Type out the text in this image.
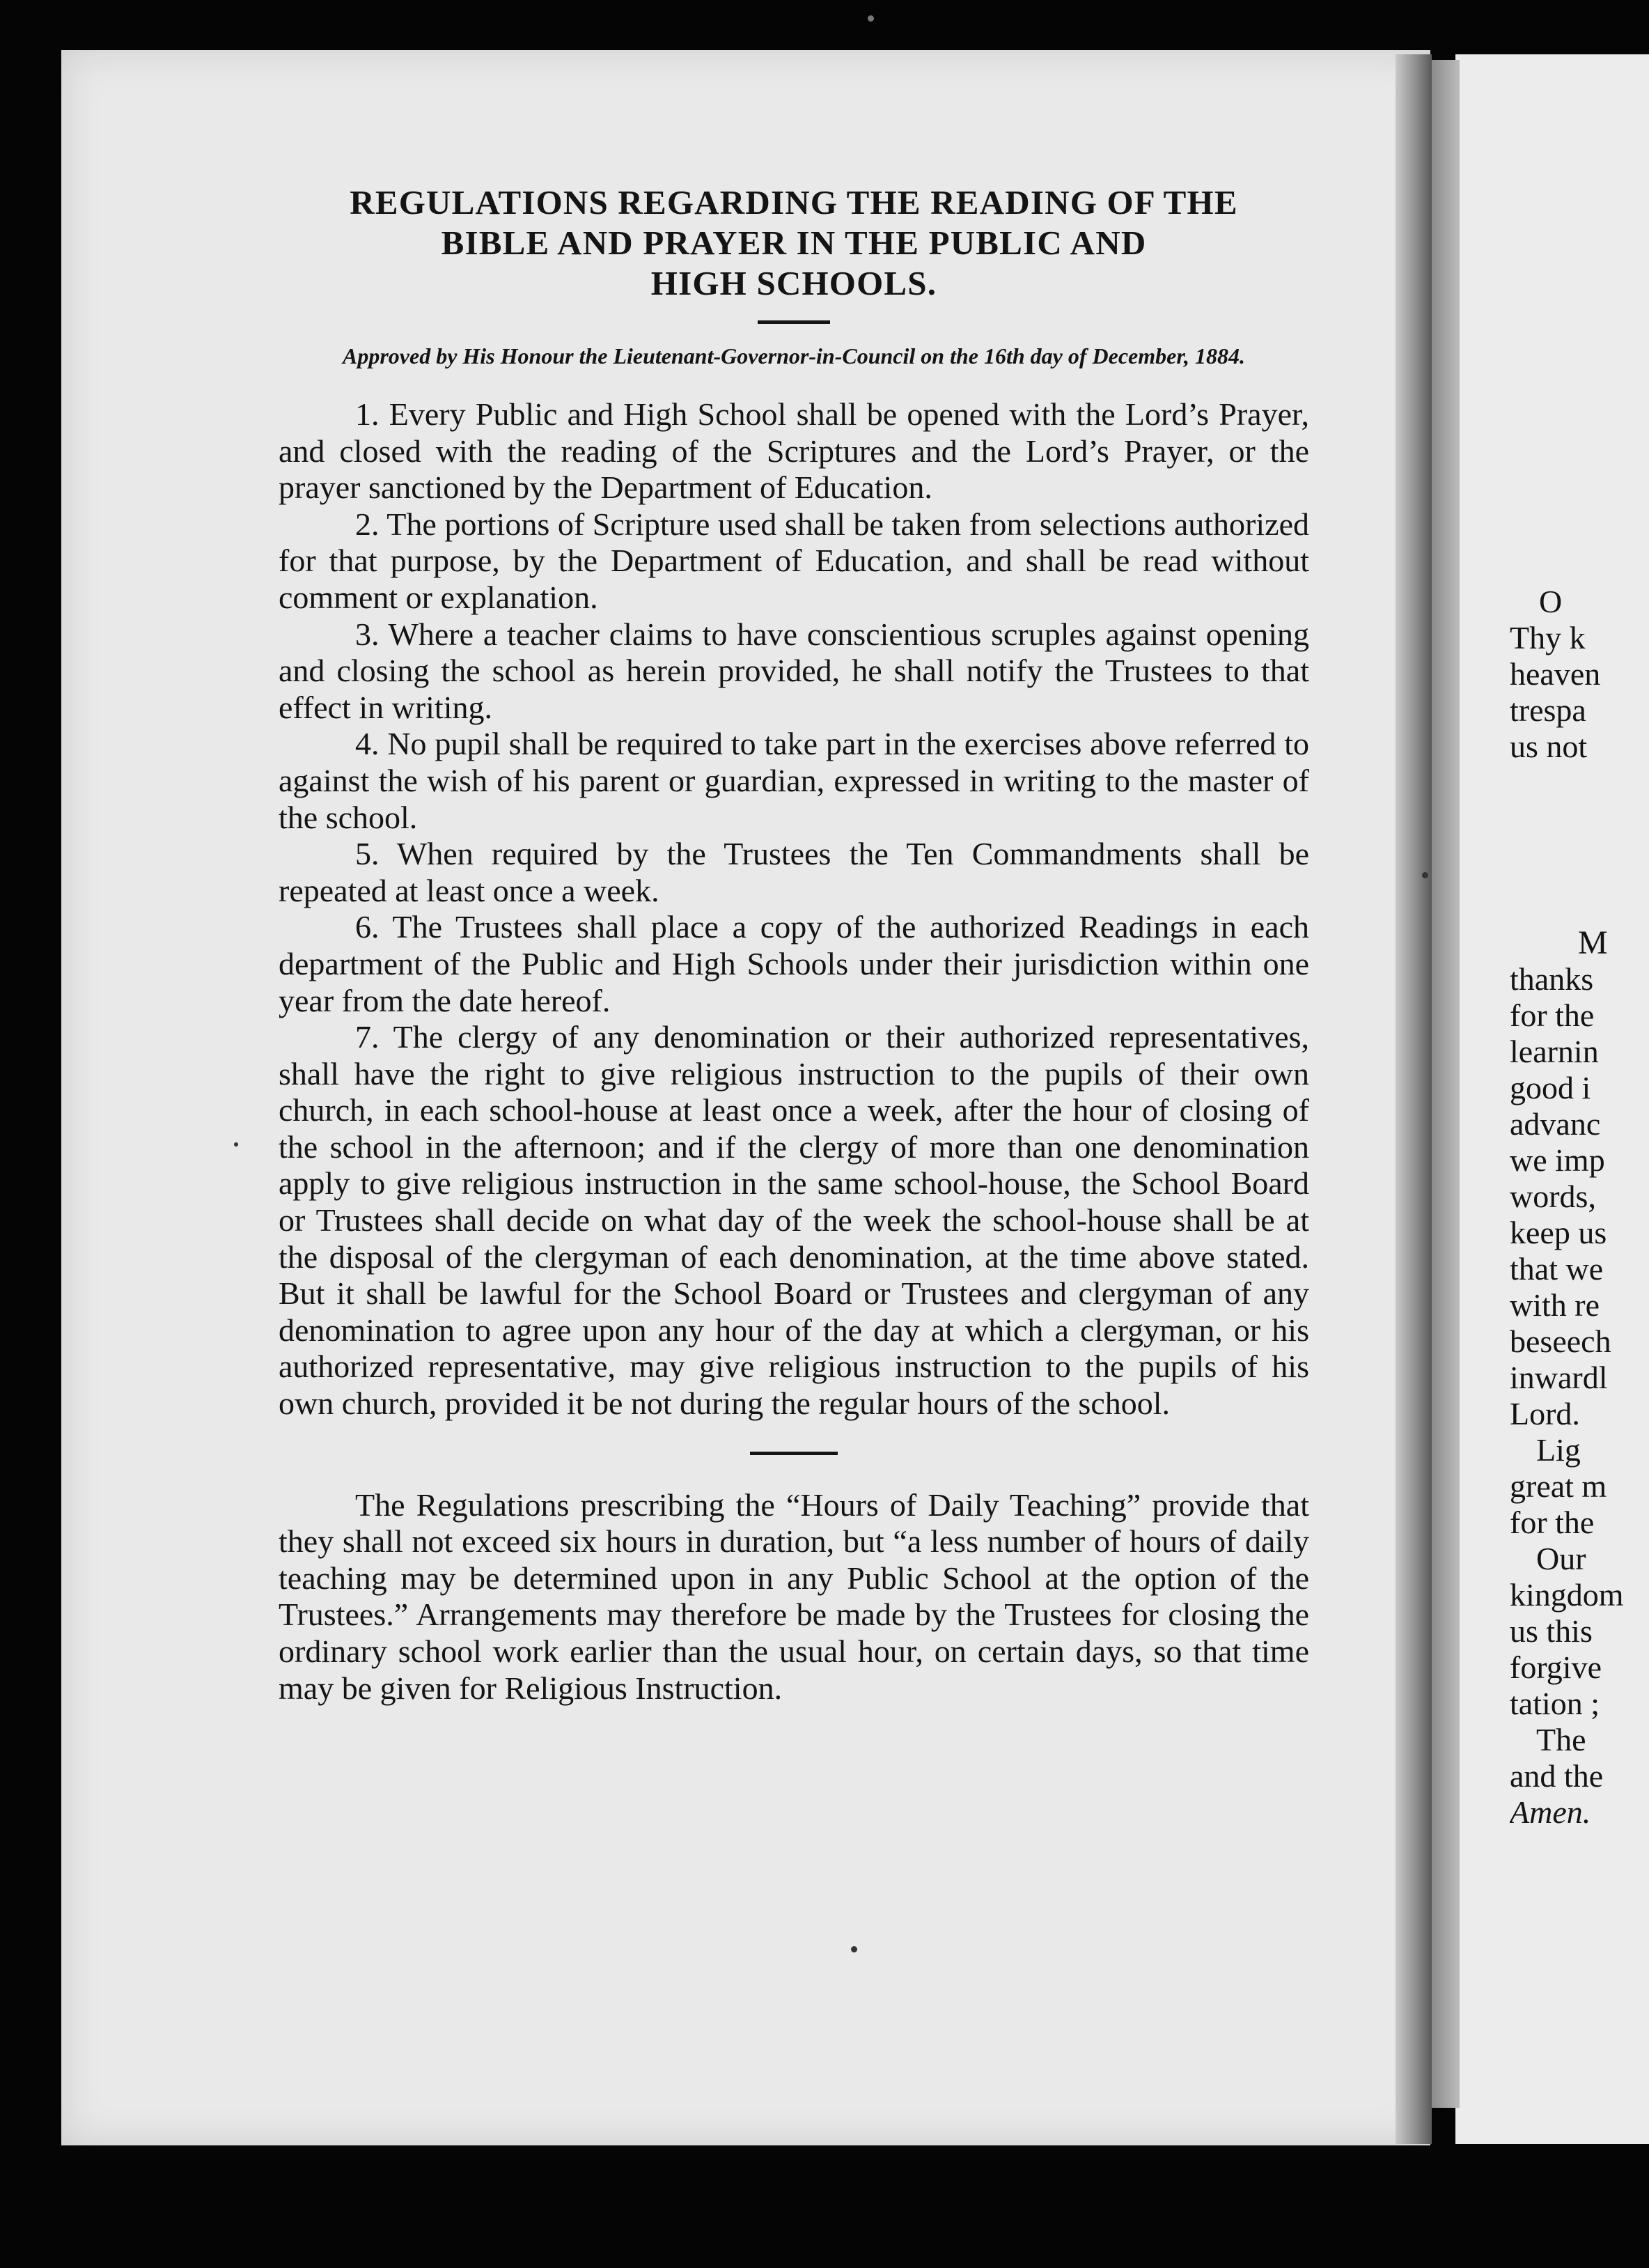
REGULATIONS REGARDING THE READING OF THE
BIBLE AND PRAYER IN THE PUBLIC AND
HIGH SCHOOLS.

Approved by His Honour the Lieutenant-Governor-in-Council on the 16th day of December, 1884.

1. Every Public and High School shall be opened with the Lord’s Prayer, and closed with the reading of the Scriptures and the Lord’s Prayer, or the prayer sanctioned by the Department of Education.

2. The portions of Scripture used shall be taken from selections authorized for that purpose, by the Department of Education, and shall be read without comment or explanation.

3. Where a teacher claims to have conscientious scruples against opening and closing the school as herein provided, he shall notify the Trustees to that effect in writing.

4. No pupil shall be required to take part in the exercises above referred to against the wish of his parent or guardian, expressed in writing to the master of the school.

5. When required by the Trustees the Ten Commandments shall be repeated at least once a week.

6. The Trustees shall place a copy of the authorized Readings in each department of the Public and High Schools under their jurisdiction within one year from the date hereof.

7. The clergy of any denomination or their authorized representatives, shall have the right to give religious instruction to the pupils of their own church, in each school-house at least once a week, after the hour of closing of the school in the afternoon; and if the clergy of more than one denomination apply to give religious instruction in the same school-house, the School Board or Trustees shall decide on what day of the week the school-house shall be at the disposal of the clergyman of each denomination, at the time above stated. But it shall be lawful for the School Board or Trustees and clergyman of any denomination to agree upon any hour of the day at which a clergyman, or his authorized representative, may give religious instruction to the pupils of his own church, provided it be not during the regular hours of the school.

The Regulations prescribing the “Hours of Daily Teaching” provide that they shall not exceed six hours in duration, but “a less number of hours of daily teaching may be determined upon in any Public School at the option of the Trustees.” Arrangements may therefore be made by the Trustees for closing the ordinary school work earlier than the usual hour, on certain days, so that time may be given for Religious Instruction.

O
Thy k
heaven
trespa
us not
M
thanks
for the
learnin
good i
advanc
we imp
words,
keep us
that we
with re
beseech
inwardl
Lord.
Lig
great m
for the
Our
kingdom
us this
forgive
tation ;
The
and the
Amen.
